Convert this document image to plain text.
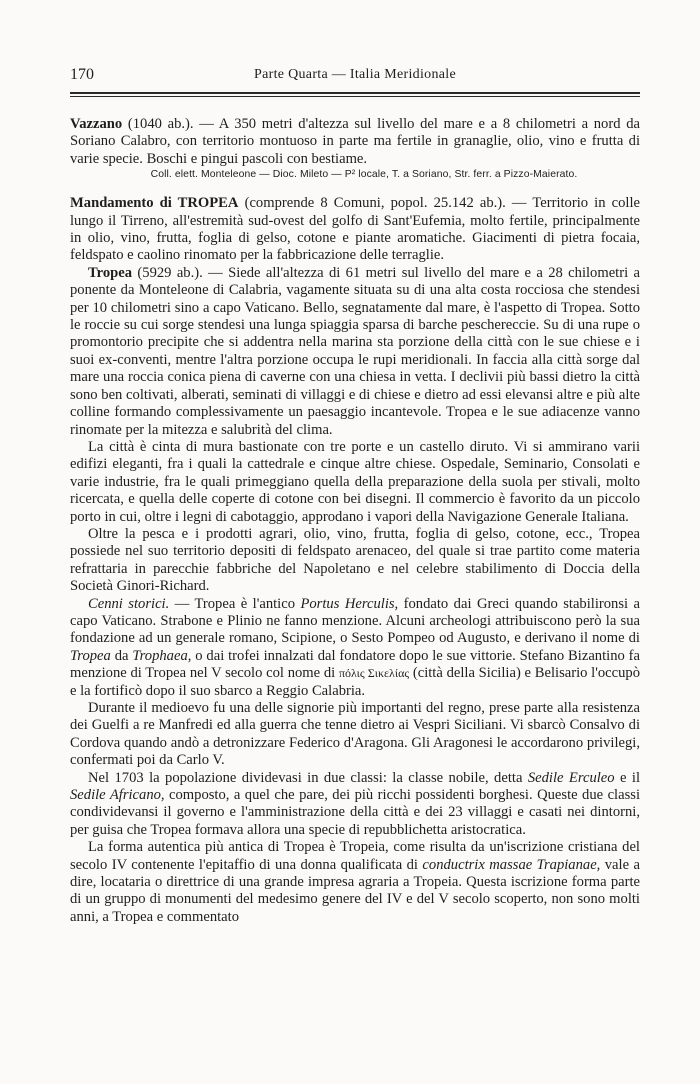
170	Parte Quarta — Italia Meridionale

Vazzano (1040 ab.). — A 350 metri d'altezza sul livello del mare e a 8 chilometri a nord da Soriano Calabro, con territorio montuoso in parte ma fertile in granaglie, olio, vino e frutta di varie specie. Boschi e pingui pascoli con bestiame.

Coll. elett. Monteleone — Dioc. Mileto — P² locale, T. a Soriano, Str. ferr. a Pizzo-Maierato.

Mandamento di TROPEA (comprende 8 Comuni, popol. 25.142 ab.). — Territorio in colle lungo il Tirreno, all'estremità sud-ovest del golfo di Sant'Eufemia, molto fertile, principalmente in olio, vino, frutta, foglia di gelso, cotone e piante aromatiche. Giacimenti di pietra focaia, feldspato e caolino rinomato per la fabbricazione delle terraglie.

Tropea (5929 ab.). — Siede all'altezza di 61 metri sul livello del mare e a 28 chilometri a ponente da Monteleone di Calabria, vagamente situata su di una alta costa rocciosa che stendesi per 10 chilometri sino a capo Vaticano. Bello, segnatamente dal mare, è l'aspetto di Tropea. Sotto le roccie su cui sorge stendesi una lunga spiaggia sparsa di barche peschereccie. Su di una rupe o promontorio precipite che si addentra nella marina sta porzione della città con le sue chiese e i suoi ex-conventi, mentre l'altra porzione occupa le rupi meridionali. In faccia alla città sorge dal mare una roccia conica piena di caverne con una chiesa in vetta. I declivii più bassi dietro la città sono ben coltivati, alberati, seminati di villaggi e di chiese e dietro ad essi elevansi altre e più alte colline formando complessivamente un paesaggio incantevole. Tropea e le sue adiacenze vanno rinomate per la mitezza e salubrità del clima.

La città è cinta di mura bastionate con tre porte e un castello diruto. Vi si ammirano varii edifizi eleganti, fra i quali la cattedrale e cinque altre chiese. Ospedale, Seminario, Consolati e varie industrie, fra le quali primeggiano quella della preparazione della suola per stivali, molto ricercata, e quella delle coperte di cotone con bei disegni. Il commercio è favorito da un piccolo porto in cui, oltre i legni di cabotaggio, approdano i vapori della Navigazione Generale Italiana.

Oltre la pesca e i prodotti agrari, olio, vino, frutta, foglia di gelso, cotone, ecc., Tropea possiede nel suo territorio depositi di feldspato arenaceo, del quale si trae partito come materia refrattaria in parecchie fabbriche del Napoletano e nel celebre stabilimento di Doccia della Società Ginori-Richard.

Cenni storici. — Tropea è l'antico Portus Herculis, fondato dai Greci quando stabilironsi a capo Vaticano. Strabone e Plinio ne fanno menzione. Alcuni archeologi attribuiscono però la sua fondazione ad un generale romano, Scipione, o Sesto Pompeo od Augusto, e derivano il nome di Tropea da Trophaea, o dai trofei innalzati dal fondatore dopo le sue vittorie. Stefano Bizantino fa menzione di Tropea nel V secolo col nome di πόλις Σικελίας (città della Sicilia) e Belisario l'occupò e la fortificò dopo il suo sbarco a Reggio Calabria.

Durante il medioevo fu una delle signorie più importanti del regno, prese parte alla resistenza dei Guelfi a re Manfredi ed alla guerra che tenne dietro ai Vespri Siciliani. Vi sbarcò Consalvo di Cordova quando andò a detronizzare Federico d'Aragona. Gli Aragonesi le accordarono privilegi, confermati poi da Carlo V.

Nel 1703 la popolazione dividevasi in due classi: la classe nobile, detta Sedile Erculeo e il Sedile Africano, composto, a quel che pare, dei più ricchi possidenti borghesi. Queste due classi condividevansi il governo e l'amministrazione della città e dei 23 villaggi e casati nei dintorni, per guisa che Tropea formava allora una specie di repubblichetta aristocratica.

La forma autentica più antica di Tropea è Tropeia, come risulta da un'iscrizione cristiana del secolo IV contenente l'epitaffio di una donna qualificata di conductrix massae Trapianae, vale a dire, locataria o direttrice di una grande impresa agraria a Tropeia. Questa iscrizione forma parte di un gruppo di monumenti del medesimo genere del IV e del V secolo scoperto, non sono molti anni, a Tropea e commentato
